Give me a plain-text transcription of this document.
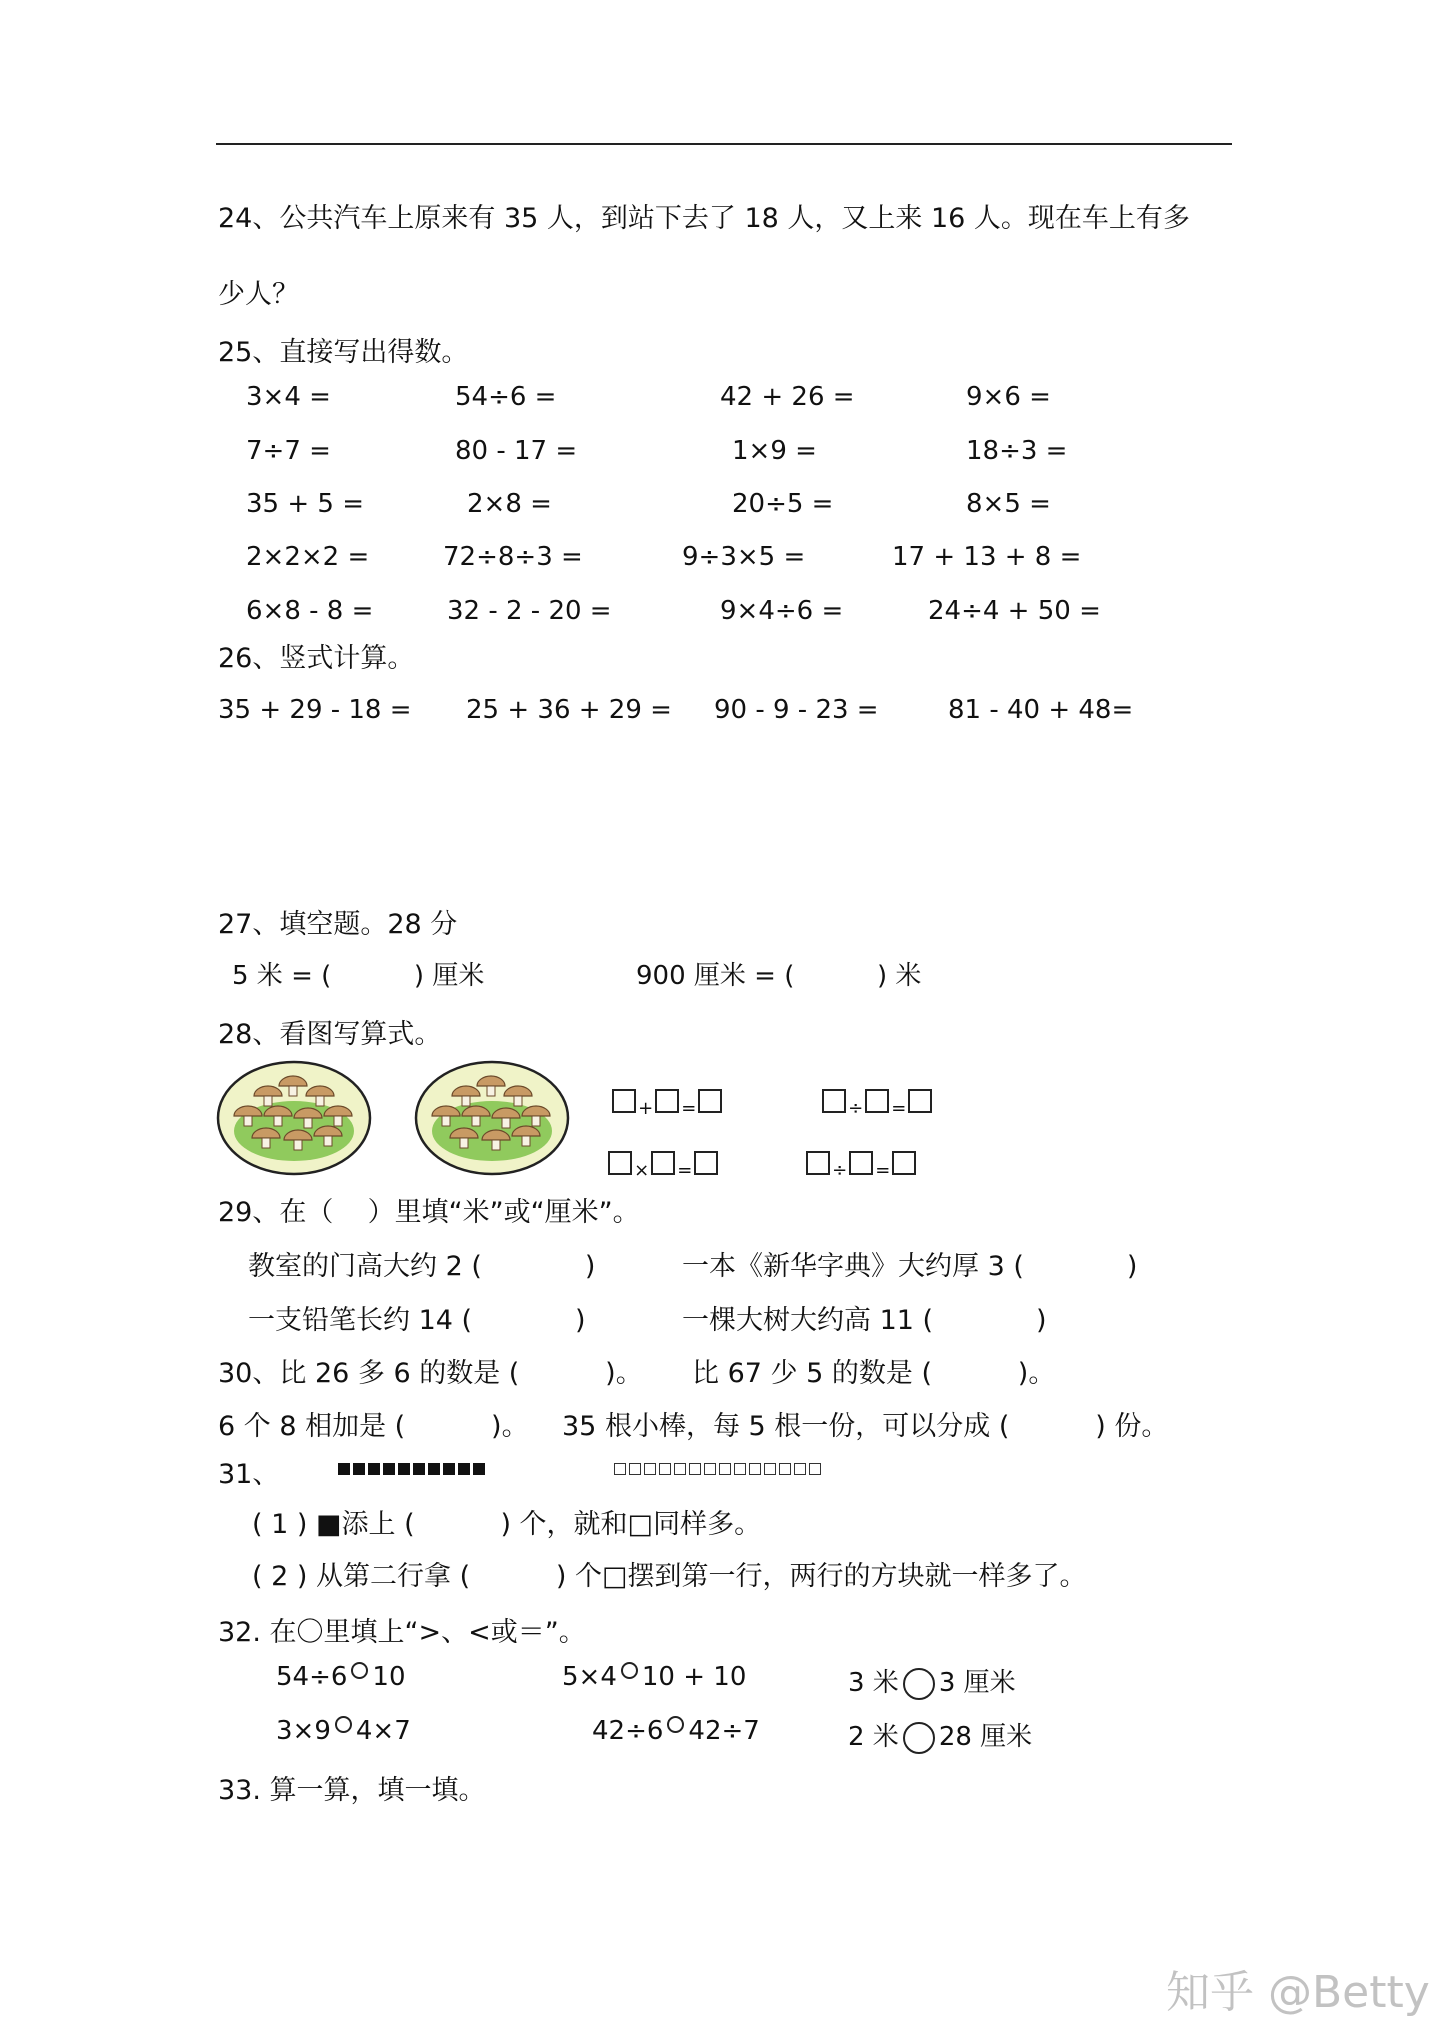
24、公共汽车上原来有 35 人，到站下去了 18 人，又上来 16 人。现在车上有多
少人？
25、直接写出得数。
3×4 =	54÷6 =	42 + 26 =	9×6 =
7÷7 =	80 - 17 =	1×9 =	18÷3 =
35 + 5 =	2×8 =	20÷5 =	8×5 =
2×2×2 =	72÷8÷3 =	9÷3×5 =	17 + 13 + 8 =
6×8 - 8 =	32 - 2 - 20 =	9×4÷6 =	24÷4 + 50 =
26、竖式计算。
35 + 29 - 18 = 25 + 36 + 29 = 90 - 9 - 23 =	81 - 40 + 48=
27、填空题。28 分
5 米 = (          ) 厘米	900 厘米 = (          ) 米
28、看图写算式。

+ =	÷ =

× =	÷ =

29、在（    ）里填“米”或“厘米”。
教室的门高大约 2 (            )	一本《新华字典》大约厚 3 (            )
一支铅笔长约 14 (            )	一棵大树大约高 11 (            )
30、比 26 多 6 的数是 (          )。 比 67 少 5 的数是 (          )。
6 个 8 相加是 (          )。 35 根小棒，每 5 根一份，可以分成 (          ) 份。
31、
( 1 ) ■添上 (          ) 个，就和□同样多。
( 2 ) 从第二行拿 (          ) 个□摆到第一行，两行的方块就一样多了。
32. 在〇里填上“>、<或＝”。
54÷6 10	5×4 10 + 10	3 米 3 厘米
3×9 4×7	42÷6 42÷7	2 米 28 厘米
33. 算一算，填一填。
知乎 @Betty
